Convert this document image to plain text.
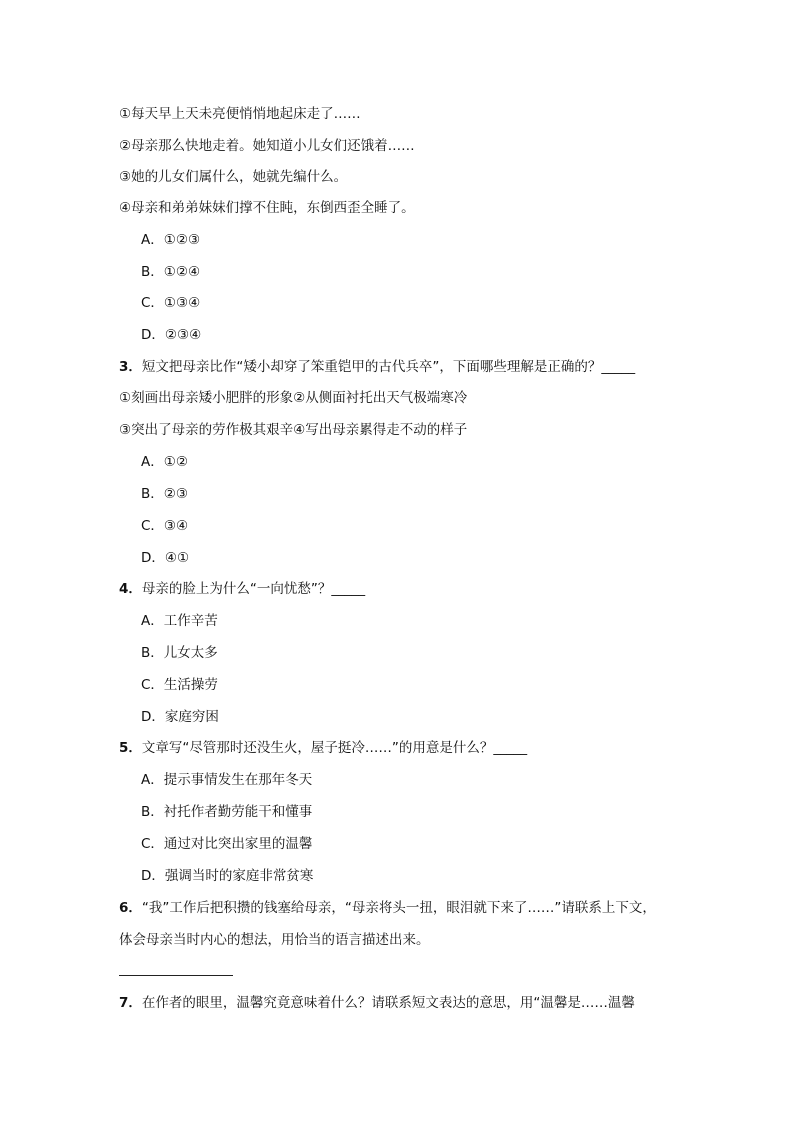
①每天早上天未亮便悄悄地起床走了……
②母亲那么快地走着。她知道小儿女们还饿着……
③她的儿女们属什么，她就先编什么。
④母亲和弟弟妹妹们撑不住盹，东倒西歪全睡了。
A．①②③
B．①②④
C．①③④
D．②③④
3．短文把母亲比作“矮小却穿了笨重铠甲的古代兵卒”，下面哪些理解是正确的？_____
①刻画出母亲矮小肥胖的形象②从侧面衬托出天气极端寒冷
③突出了母亲的劳作极其艰辛④写出母亲累得走不动的样子
A．①②
B．②③
C．③④
D．④①
4．母亲的脸上为什么“一向忧愁”？_____
A．工作辛苦
B．儿女太多
C．生活操劳
D．家庭穷困
5．文章写“尽管那时还没生火，屋子挺冷……”的用意是什么？_____
A．提示事情发生在那年冬天
B．衬托作者勤劳能干和懂事
C．通过对比突出家里的温馨
D．强调当时的家庭非常贫寒
6．“我”工作后把积攒的钱塞给母亲，“母亲将头一扭，眼泪就下来了……”请联系上下文，
体会母亲当时内心的想法，用恰当的语言描述出来。
7．在作者的眼里，温馨究竟意味着什么？请联系短文表达的意思，用“温馨是……温馨
